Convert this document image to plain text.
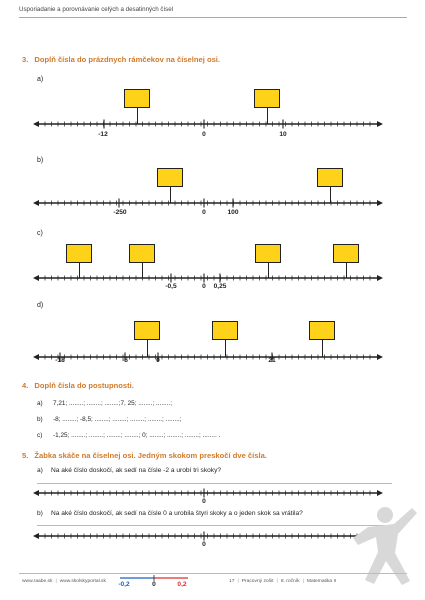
Usporiadanie a porovnávanie celých a desatinných čísel
3. Doplň čísla do prázdnych rámčekov na číselnej osi.
a)
-12	0	10
b)
-250	0	100
c)
-0,5	0 0,25
d)
-18	-6	0	21
4. Doplň čísla do postupnosti.
a) 7,21; ........; ........; ........;7, 25; ........; ........;
b) -8; ........; -8,5; ........; ........; ........; ........; ........;
c) -1,25; ........; ........; ........; ........; 0; ........; ........; ........; ........ .
5. Žabka skáče na číselnej osi. Jedným skokom preskočí dve čísla.
a) Na aké číslo doskočí, ak sedí na čísle -2 a urobí tri skoky?
0
b) Na aké číslo doskočí, ak sedí na čísle 0 a urobila štyri skoky a o jeden skok sa vrátila?
0
www.raabe.sk | www.skolskyportal.sk -0,2	0	0,2	17 | Pracovný zošit | 8. ročník | Matematika II
